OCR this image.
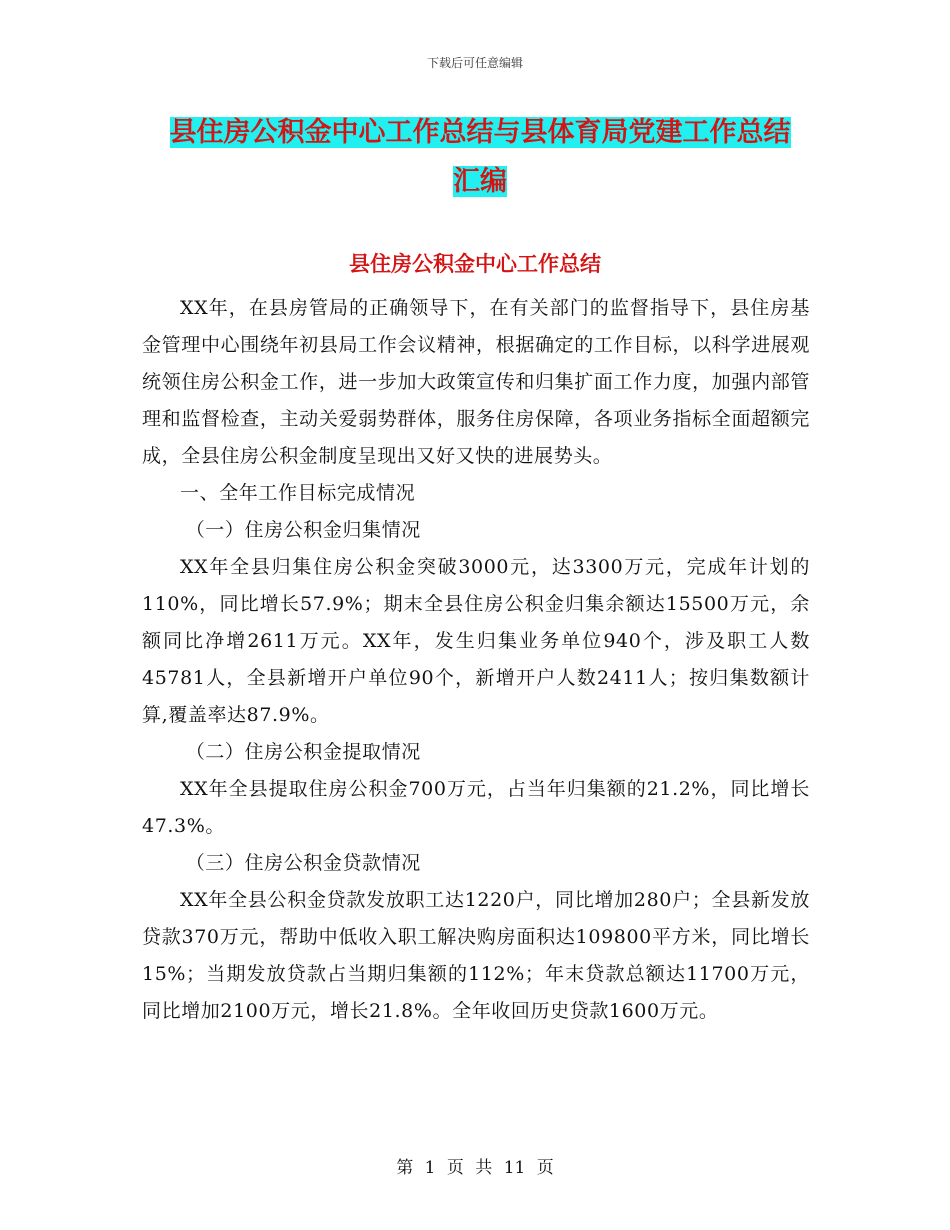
下载后可任意编辑
县住房公积金中心工作总结与县体育局党建工作总结
汇编
县住房公积金中心工作总结

XX年，在县房管局的正确领导下，在有关部门的监督指导下，县住房基金管理中心围绕年初县局工作会议精神，根据确定的工作目标，以科学进展观统领住房公积金工作，进一步加大政策宣传和归集扩面工作力度，加强内部管理和监督检查，主动关爱弱势群体，服务住房保障，各项业务指标全面超额完成，全县住房公积金制度呈现出又好又快的进展势头。

一、全年工作目标完成情况

（一）住房公积金归集情况

XX年全县归集住房公积金突破3000元，达3300万元，完成年计划的110%，同比增长57.9%；期末全县住房公积金归集余额达15500万元，余额同比净增2611万元。XX年，发生归集业务单位940个，涉及职工人数45781人，全县新增开户单位90个，新增开户人数2411人；按归集数额计算,覆盖率达87.9%。

（二）住房公积金提取情况

XX年全县提取住房公积金700万元，占当年归集额的21.2%，同比增长47.3%。

（三）住房公积金贷款情况

XX年全县公积金贷款发放职工达1220户，同比增加280户；全县新发放贷款370万元，帮助中低收入职工解决购房面积达109800平方米，同比增长15%；当期发放贷款占当期归集额的112%；年末贷款总额达11700万元，同比增加2100万元，增长21.8%。全年收回历史贷款1600万元。

第 1 页 共 11 页
